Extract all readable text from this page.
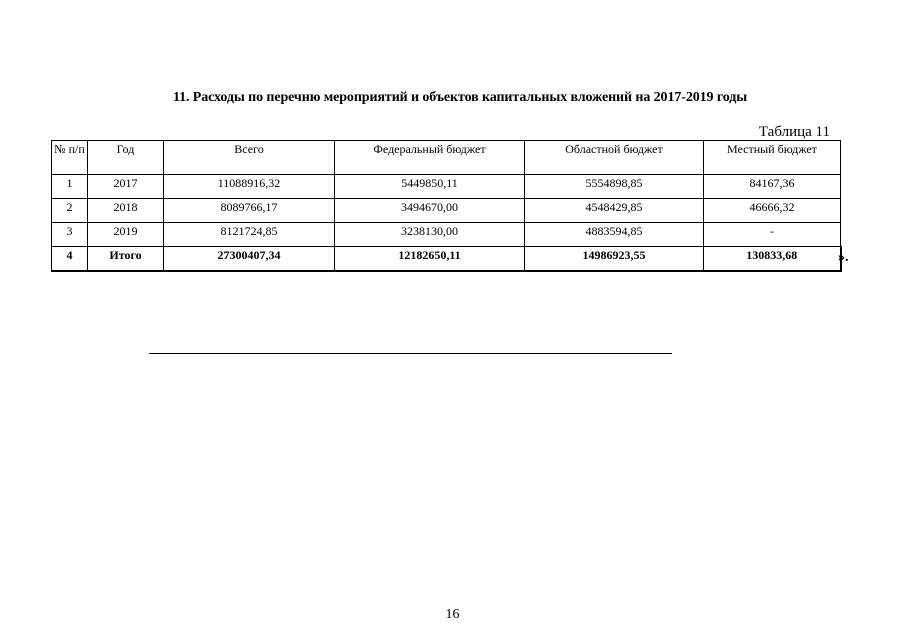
11. Расходы по перечню мероприятий и объектов капитальных вложений на 2017-2019 годы
Таблица 11
№ п/п	Год	Всего	Федеральный бюджет	Областной бюджет	Местный бюджет
1	2017	11088916,32	5449850,11	5554898,85	84167,36
2	2018	8089766,17	3494670,00	4548429,85	46666,32
3	2019	8121724,85	3238130,00	4883594,85	-
4	Итого	27300407,34	12182650,11	14986923,55	130833,68	».
16
